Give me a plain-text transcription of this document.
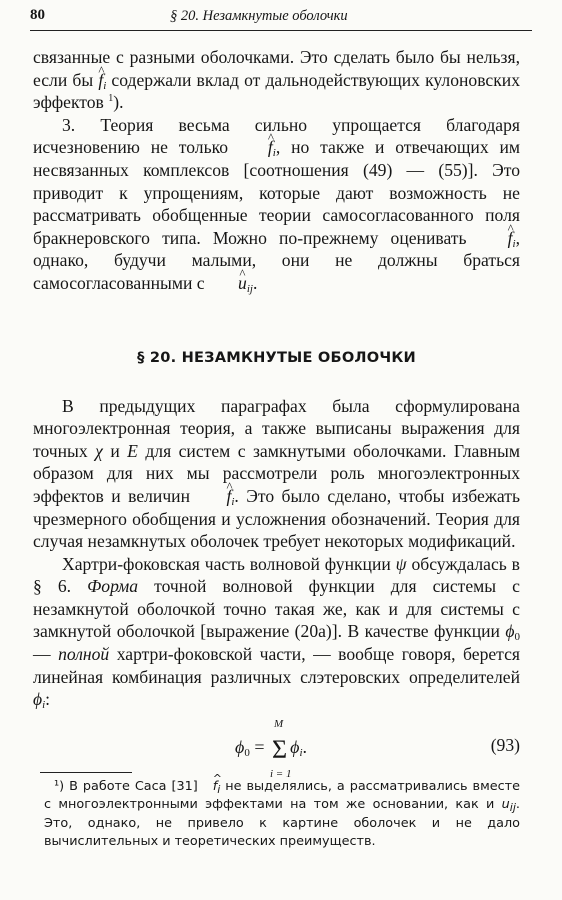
80	§ 20. Незамкнутые оболочки

связанные с разными оболочками. Это сделать было бы нельзя, если бы ^ $f_i$ содержали вклад от дальнодействующих кулоновских эффектов $^1$).

3. Теория весьма сильно упрощается благодаря исчезновению не только ^ $f_i$, но также и отвечающих им несвязанных комплексов [соотношения (49) — (55)]. Это приводит к упрощениям, которые дают возможность не рассматривать обобщенные теории самосогласованного поля бракнеровского типа. Можно по-прежнему оценивать ^ $f_i$, однако, будучи малыми, они не должны браться самосогласованными с ^ $u_{ij}$.

§ 20. НЕЗАМКНУТЫЕ ОБОЛОЧКИ

В предыдущих параграфах была сформулирована многоэлектронная теория, а также выписаны выражения для точных χ и E для систем с замкнутыми оболочками. Главным образом для них мы рассмотрели роль многоэлектронных эффектов и величин ^ $f_i$. Это было сделано, чтобы избежать чрезмерного обобщения и усложнения обозначений. Теория для случая незамкнутых оболочек требует некоторых модификаций.

Хартри-фоковская часть волновой функции ψ обсуждалась в § 6. Форма точной волновой функции для системы с незамкнутой оболочкой точно такая же, как и для системы с замкнутой оболочкой [выражение (20а)]. В качестве функции $\phi_0$ — полной хартри-фоковской части, — вообще говоря, берется линейная комбинация различных слэтеровских определителей $\phi_i$:

$\phi_0 = \Sigma$
M
i = 1
$\phi_i$.	(93)
¹) В работе Саса [31] ^ $f_i$ не выделялись, а рассматривались вместе с многоэлектронными эффектами на том же основании, как и $u_{ij}$. Это, однако, не привело к картине оболочек и не дало вычислительных и теоретических преимуществ.
